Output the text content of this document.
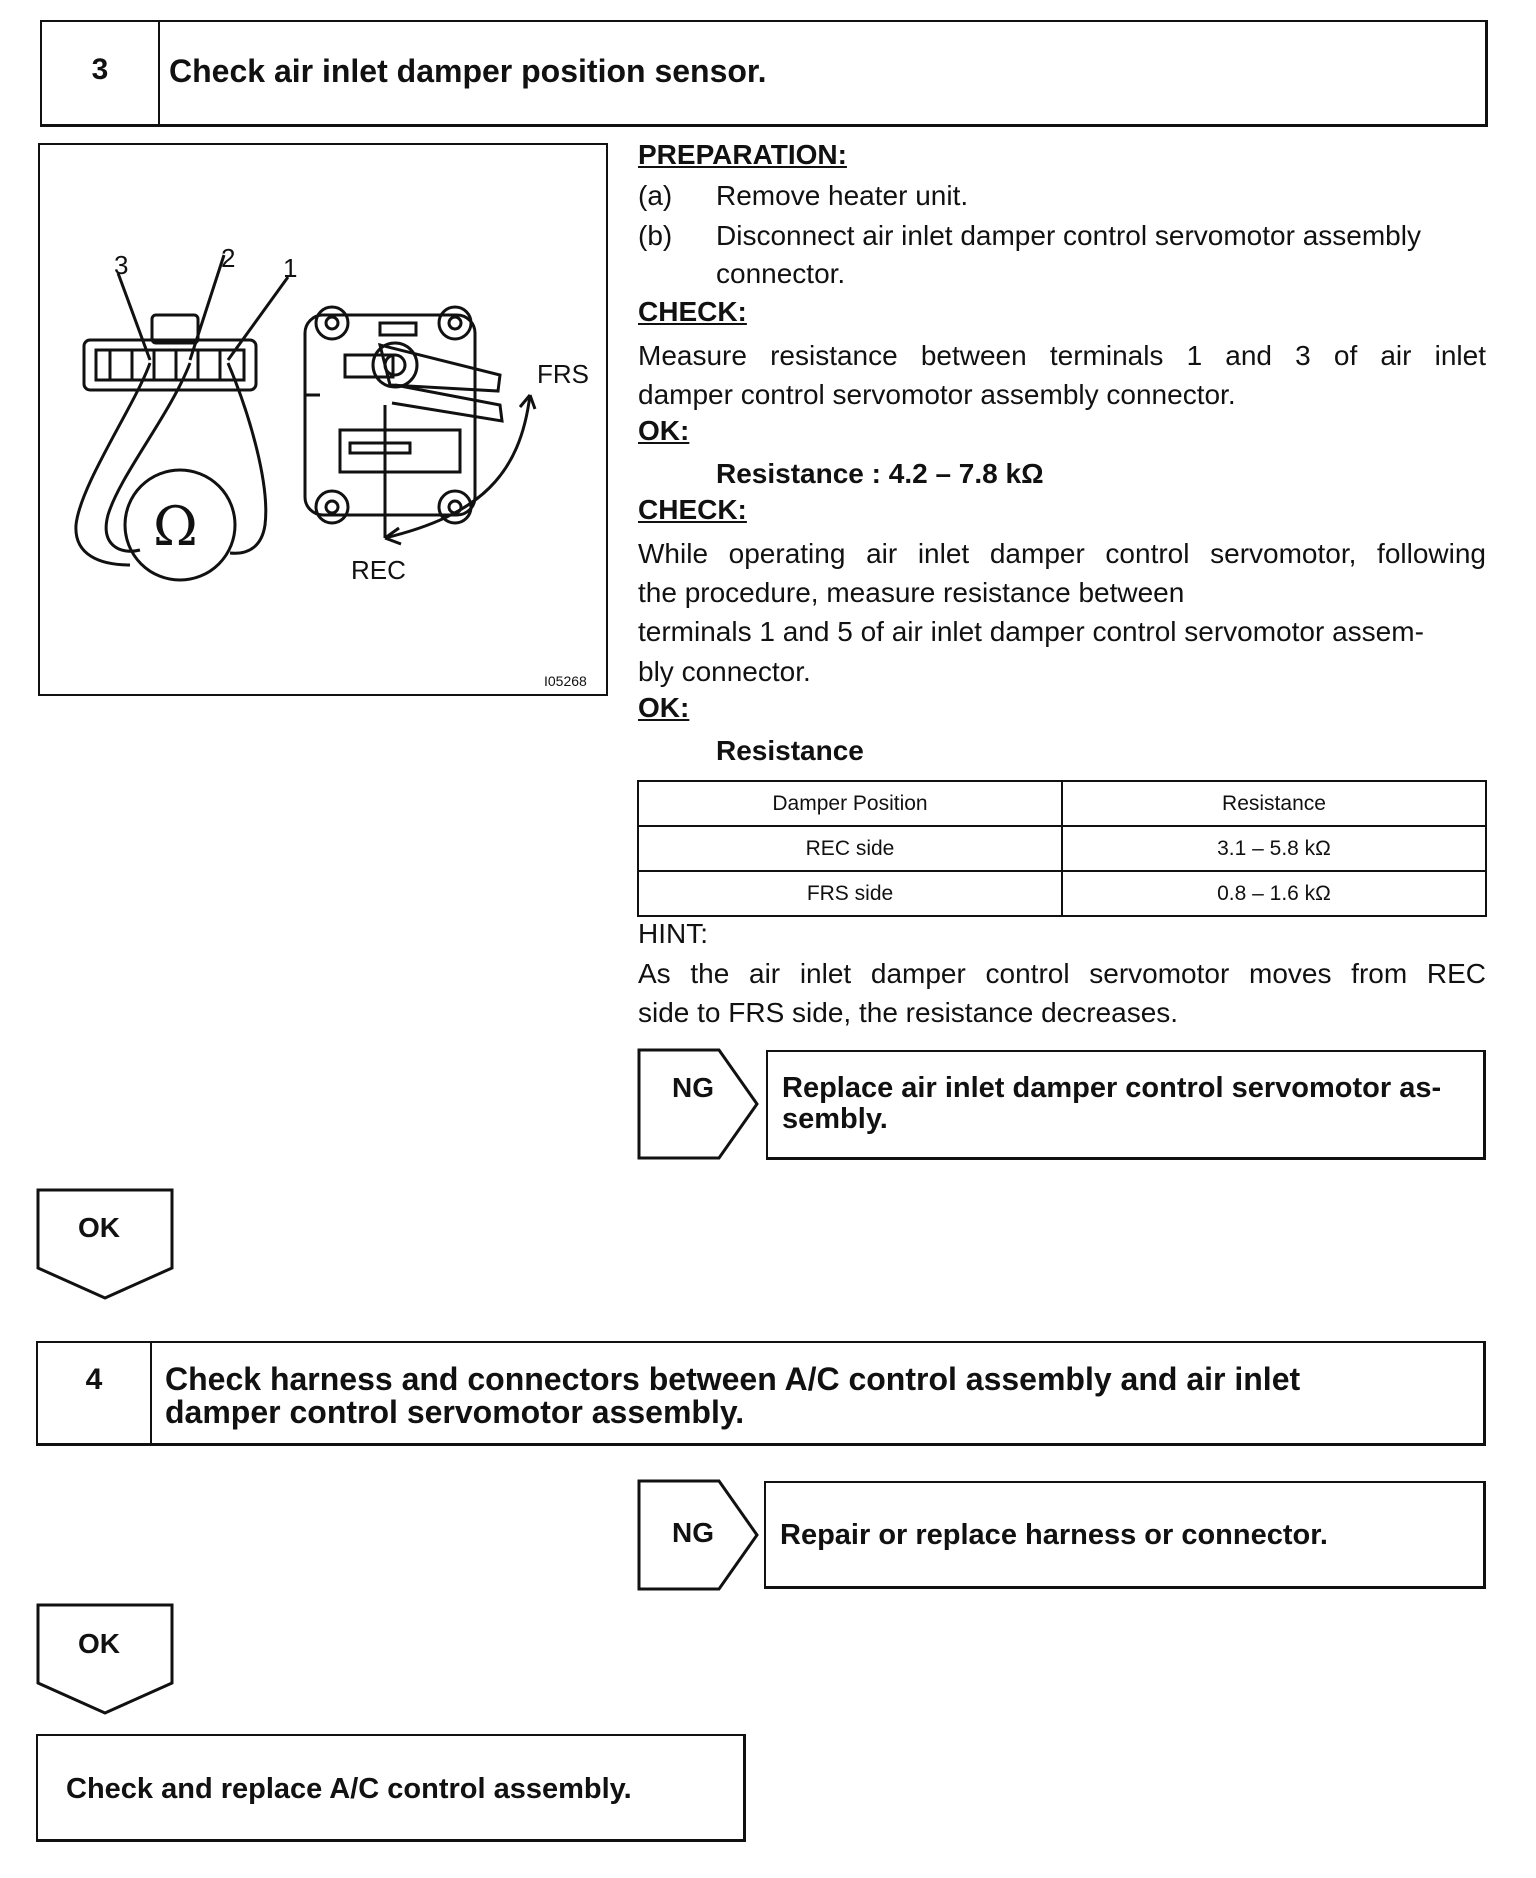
3 Check air inlet damper position sensor.
3	2 1
Ω
FRS
REC
I05268
PREPARATION:
(a) Remove heater unit.
(b) Disconnect air inlet damper control servomotor assembly
connector.
CHECK:
Measure resistance between terminals 1 and 3 of air inlet
damper control servomotor assembly connector.
OK:
Resistance : 4.2 – 7.8 kΩ
CHECK:
While operating air inlet damper control servomotor, following
the procedure, measure resistance between
terminals 1 and 5 of air inlet damper control servomotor assem-
bly connector.
OK:
Resistance
Damper Position	Resistance
REC side	3.1 – 5.8 kΩ
FRS side	0.8 – 1.6 kΩ
HINT:
As the air inlet damper control servomotor moves from REC
side to FRS side, the resistance decreases.
NG Replace air inlet damper control servomotor as-
sembly.
OK
4 Check harness and connectors between A/C control assembly and air inlet
damper control servomotor assembly.
NG Repair or replace harness or connector.
OK
Check and replace A/C control assembly.
